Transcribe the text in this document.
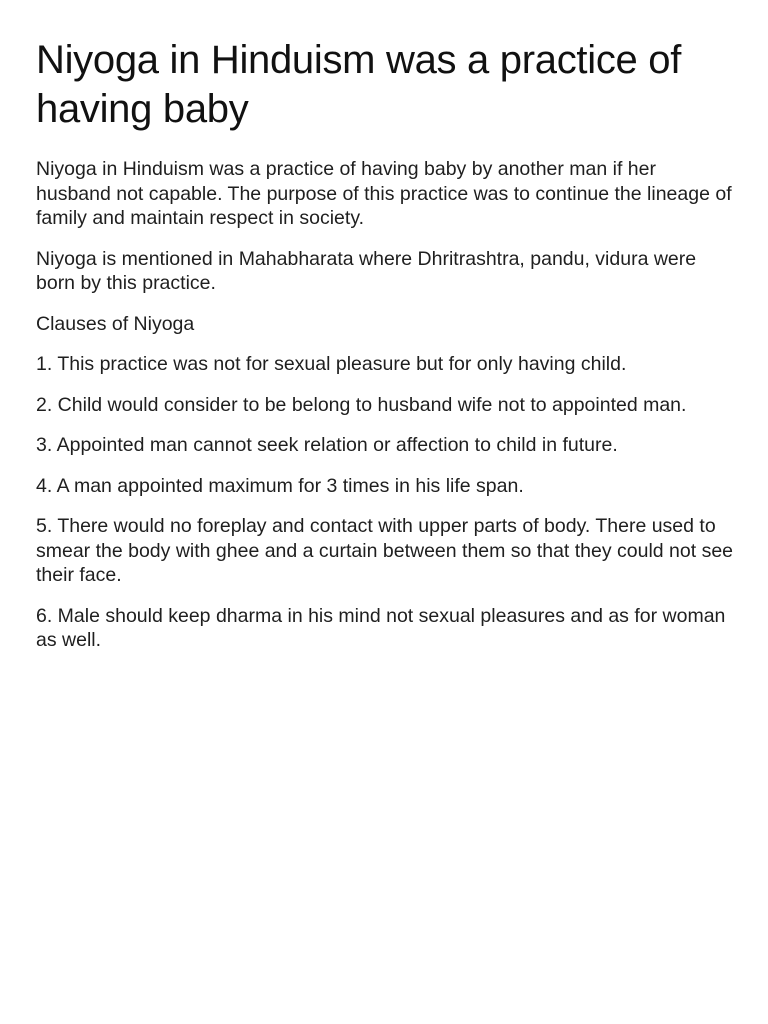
Niyoga in Hinduism was a practice of having baby

Niyoga in Hinduism was a practice of having baby by another man if her husband not capable. The purpose of this practice was to continue the lineage of family and maintain respect in society.

Niyoga is mentioned in Mahabharata where Dhritrashtra, pandu, vidura were born by this practice.

Clauses of Niyoga

1. This practice was not for sexual pleasure but for only having child.

2. Child would consider to be belong to husband wife not to appointed man.

3. Appointed man cannot seek relation or affection to child in future.

4. A man appointed maximum for 3 times in his life span.

5. There would no foreplay and contact with upper parts of body. There used to smear the body with ghee and a curtain between them so that they could not see their face.

6. Male should keep dharma in his mind not sexual pleasures and as for woman as well.
